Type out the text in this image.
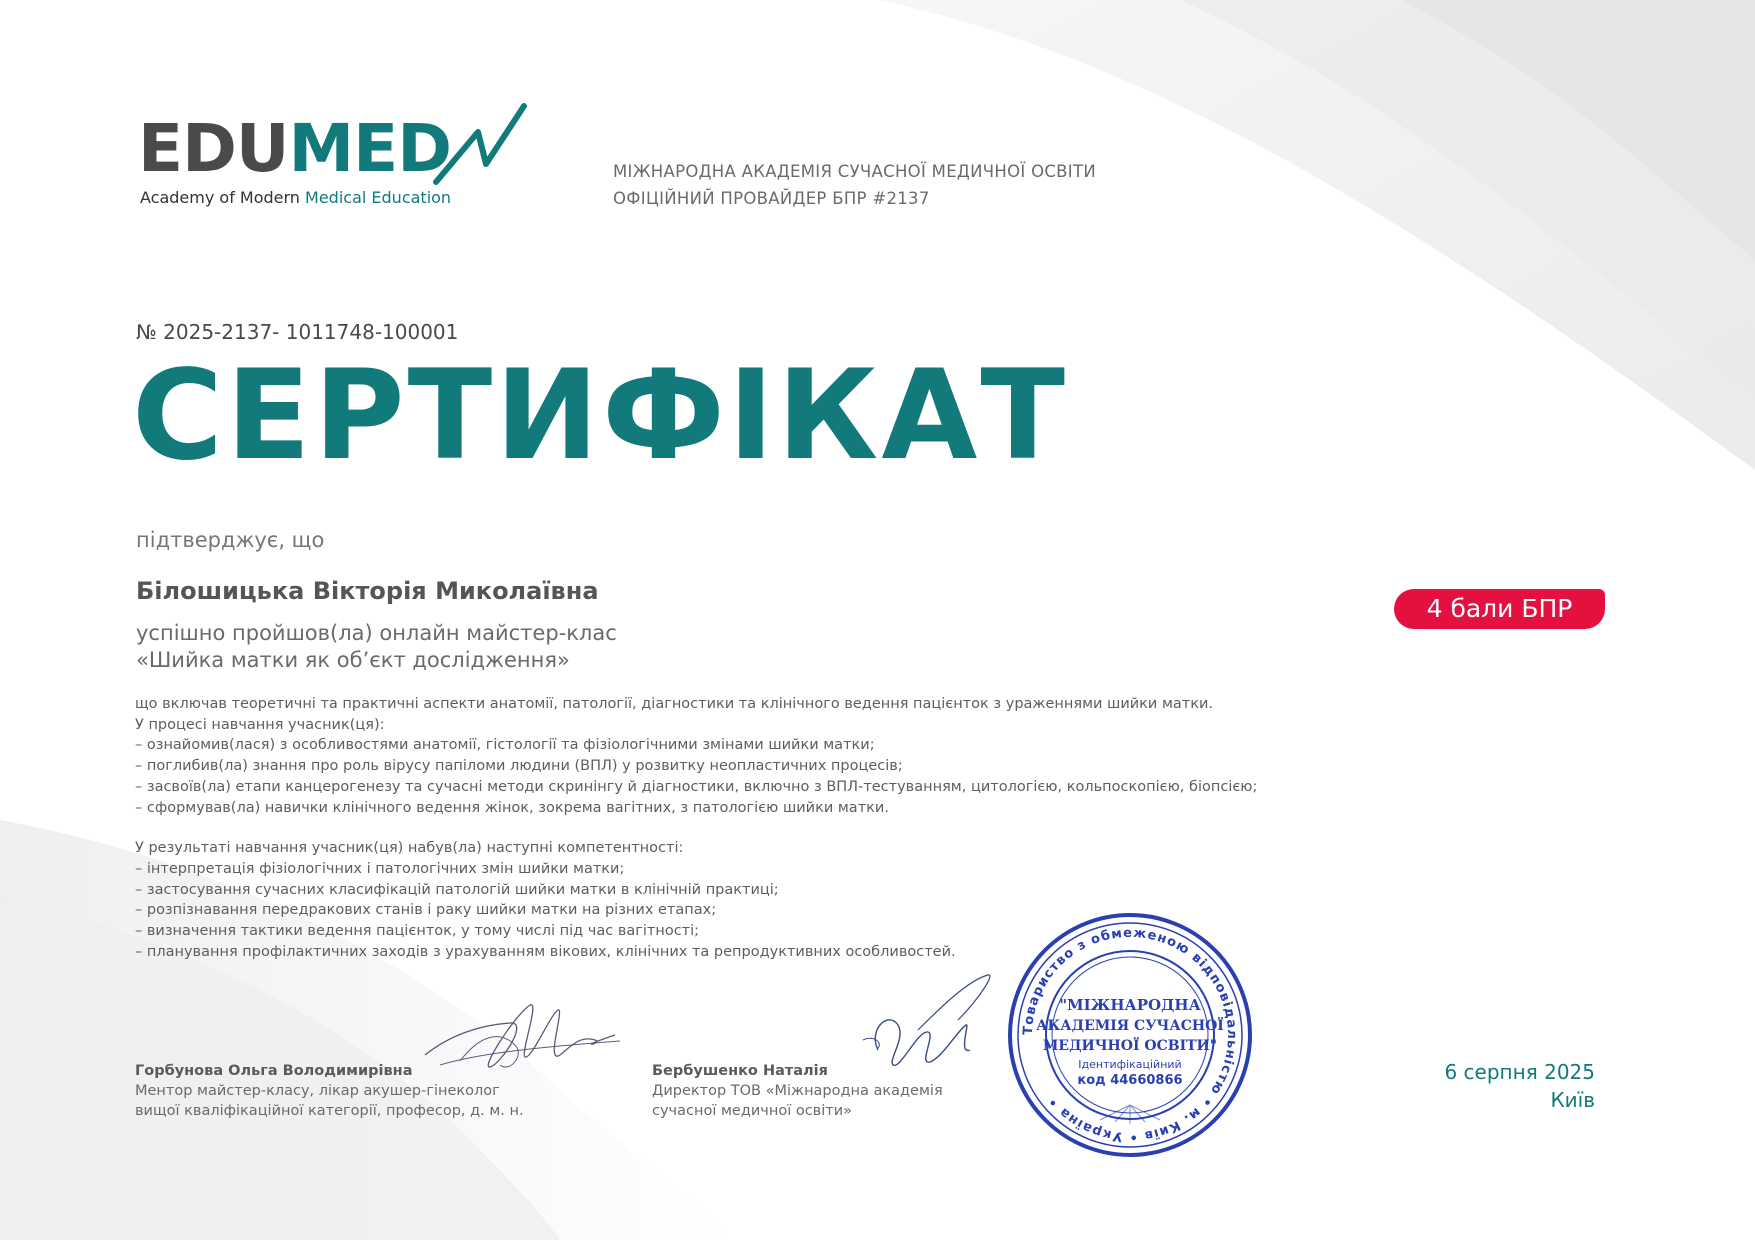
EDUMED
Academy of Modern Medical Education
МІЖНАРОДНА АКАДЕМІЯ СУЧАСНОЇ МЕДИЧНОЇ ОСВІТИ
ОФІЦІЙНИЙ ПРОВАЙДЕР БПР #2137
№ 2025-2137- 1011748-100001
СЕРТИФІКАТ
підтверджує, що
Білошицька Вікторія Миколаївна
успішно пройшов(ла) онлайн майстер-клас
«Шийка матки як об’єкт дослідження»
4 бали БПР
що включав теоретичні та практичні аспекти анатомії, патології, діагностики та клінічного ведення пацієнток з ураженнями шийки матки.
У процесі навчання учасник(ця):
– ознайомив(лася) з особливостями анатомії, гістології та фізіологічними змінами шийки матки;
– поглибив(ла) знання про роль вірусу папіломи людини (ВПЛ) у розвитку неопластичних процесів;
– засвоїв(ла) етапи канцерогенезу та сучасні методи скринінгу й діагностики, включно з ВПЛ-тестуванням, цитологією, кольпоскопією, біопсією;
– сформував(ла) навички клінічного ведення жінок, зокрема вагітних, з патологією шийки матки.
У результаті навчання учасник(ця) набув(ла) наступні компетентності:
– інтерпретація фізіологічних і патологічних змін шийки матки;
– застосування сучасних класифікацій патологій шийки матки в клінічній практиці;
– розпізнавання передракових станів і раку шийки матки на різних етапах;
– визначення тактики ведення пацієнток, у тому числі під час вагітності;
– планування профілактичних заходів з урахуванням вікових, клінічних та репродуктивних особливостей.
Горбунова Ольга Володимирівна
Ментор майстер-класу, лікар акушер-гінеколог
вищої кваліфікаційної категорії, професор, д. м. н.
Бербушенко Наталія
Директор ТОВ «Міжнародна академія
сучасної медичної освіти»
Товариство з обмеженою відповідальністю • м. Київ • Україна •
"МІЖНАРОДНА
АКАДЕМІЯ СУЧАСНОЇ
МЕДИЧНОЇ ОСВІТИ"
Ідентифікаційний
код 44660866	6 серпня 2025
Київ
